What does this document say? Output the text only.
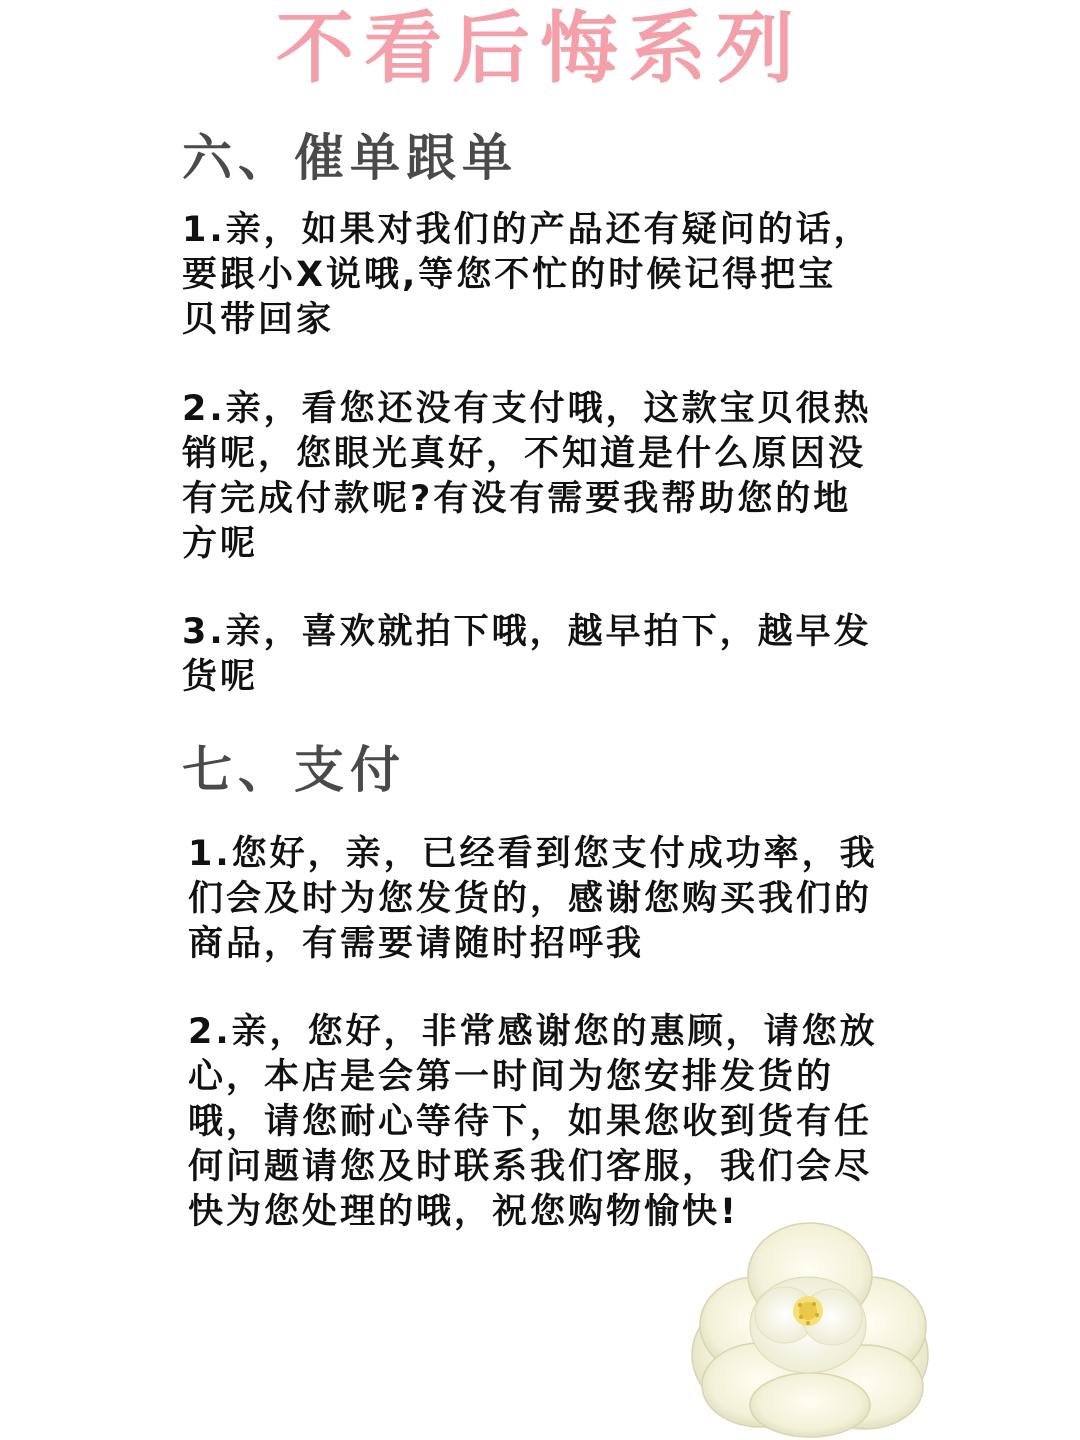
不看后悔系列
六、催单跟单

1.亲，如果对我们的产品还有疑问的话，要跟小X说哦,等您不忙的时候记得把宝贝带回家

2.亲，看您还没有支付哦，这款宝贝很热销呢，您眼光真好，不知道是什么原因没有完成付款呢?有没有需要我帮助您的地方呢

3.亲，喜欢就拍下哦，越早拍下，越早发货呢

七、支付

1.您好，亲，已经看到您支付成功率，我们会及时为您发货的，感谢您购买我们的商品，有需要请随时招呼我

2.亲，您好，非常感谢您的惠顾，请您放心，本店是会第一时间为您安排发货的哦，请您耐心等待下，如果您收到货有任何问题请您及时联系我们客服，我们会尽快为您处理的哦，祝您购物愉快!
